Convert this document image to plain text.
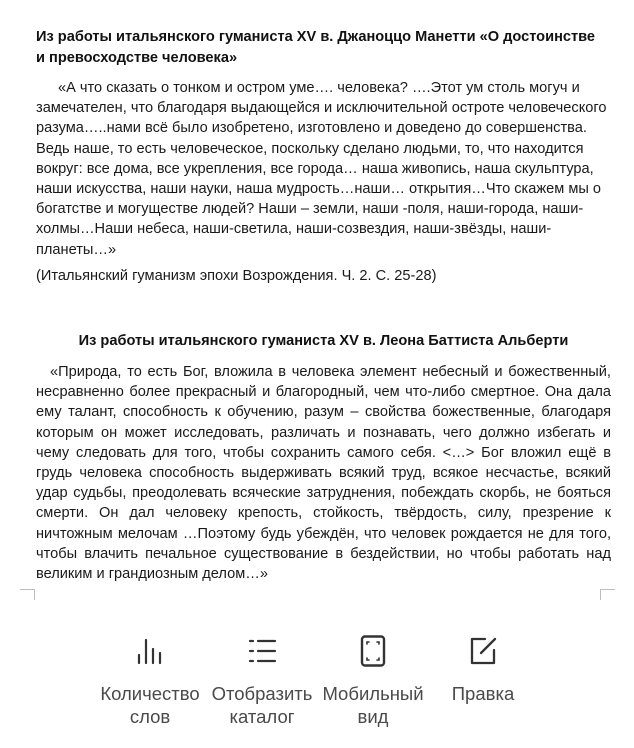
Из работы итальянского гуманиста XV в. Джаноццо Манетти «О достоинстве и превосходстве человека»
«А что сказать о тонком и остром уме…. человека? ….Этот ум столь могуч и замечателен, что благодаря выдающейся и исключительной остроте человеческого разума…..нами всё было изобретено, изготовлено и доведено до совершенства. Ведь наше, то есть человеческое, поскольку сделано людьми, то, что находится вокруг: все дома, все укрепления, все города… наша живопись, наша скульптура, наши искусства, наши науки, наша мудрость…наши… открытия…Что скажем мы о богатстве и могуществе людей? Наши – земли, наши -поля, наши-города, наши-холмы…Наши небеса, наши-светила, наши-созвездия, наши-звёзды, наши-планеты…»
(Итальянский гуманизм эпохи Возрождения. Ч. 2. С. 25-28)
Из работы итальянского гуманиста XV в. Леона Баттиста Альберти
«Природа, то есть Бог, вложила в человека элемент небесный и божественный, несравненно более прекрасный и благородный, чем что-либо смертное. Она дала ему талант, способность к обучению, разум – свойства божественные, благодаря которым он может исследовать, различать и познавать, чего должно избегать и чему следовать для того, чтобы сохранить самого себя. <…> Бог вложил ещё в грудь человека способность выдерживать всякий труд, всякое несчастье, всякий удар судьбы, преодолевать всяческие затруднения, побеждать скорбь, не бояться смерти. Он дал человеку крепость, стойкость, твёрдость, силу, презрение к ничтожным мелочам …Поэтому будь убеждён, что человек рождается не для того, чтобы влачить печальное существование в бездействии, но чтобы работать над великим и грандиозным делом…»
Количество слов
Отобразить каталог
Мобильный вид
Правка
